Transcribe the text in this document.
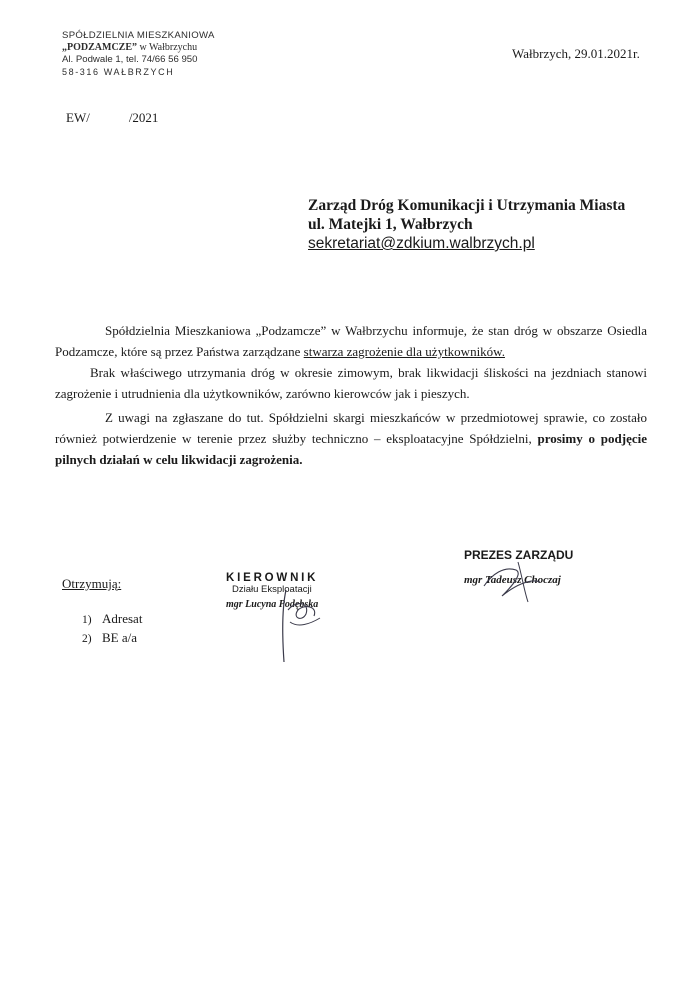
SPÓŁDZIELNIA MIESZKANIOWA
„PODZAMCZE” w Wałbrzychu
Al. Podwale 1, tel. 74/66 56 950
58-316 WAŁBRZYCH
Wałbrzych, 29.01.2021r.
EW/            /2021
Zarząd Dróg Komunikacji i Utrzymania Miasta
ul. Matejki 1, Wałbrzych
sekretariat@zdkium.walbrzych.pl

Spółdzielnia Mieszkaniowa „Podzamcze” w Wałbrzychu informuje, że stan dróg w obszarze Osiedla Podzamcze, które są przez Państwa zarządzane stwarza zagrożenie dla użytkowników.

Brak właściwego utrzymania dróg w okresie zimowym, brak likwidacji śliskości na jezdniach stanowi zagrożenie i utrudnienia dla użytkowników, zarówno kierowców jak i pieszych.

Z uwagi na zgłaszane do tut. Spółdzielni skargi mieszkańców w przedmiotowej sprawie, co zostało również potwierdzenie w terenie przez służby techniczno – eksploatacyjne Spółdzielni, prosimy o podjęcie pilnych działań w celu likwidacji zagrożenia.

Otrzymują:
1) Adresat
2) BE a/a
KIEROWNIK
Działu Eksploatacji
mgr Lucyna Podębska
PREZES ZARZĄDU
mgr Tadeusz Choczaj
